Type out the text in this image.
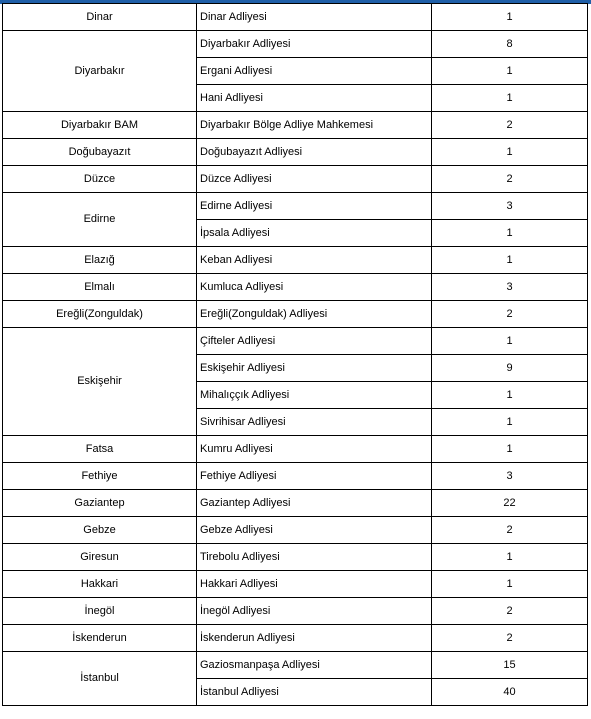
Dinar	Dinar Adliyesi	1
Diyarbakır	Diyarbakır Adliyesi	8
	Ergani Adliyesi	1
	Hani Adliyesi	1
Diyarbakır BAM	Diyarbakır Bölge Adliye Mahkemesi	2
Doğubayazıt	Doğubayazıt Adliyesi	1
Düzce	Düzce Adliyesi	2
Edirne	Edirne Adliyesi	3
	İpsala Adliyesi	1
Elazığ	Keban Adliyesi	1
Elmalı	Kumluca Adliyesi	3
Ereğli(Zonguldak)	Ereğli(Zonguldak) Adliyesi	2
Eskişehir	Çifteler Adliyesi	1
	Eskişehir Adliyesi	9
	Mihalıççık Adliyesi	1
	Sivrihisar Adliyesi	1
Fatsa	Kumru Adliyesi	1
Fethiye	Fethiye Adliyesi	3
Gaziantep	Gaziantep Adliyesi	22
Gebze	Gebze Adliyesi	2
Giresun	Tirebolu Adliyesi	1
Hakkari	Hakkari Adliyesi	1
İnegöl	İnegöl Adliyesi	2
İskenderun	İskenderun Adliyesi	2
İstanbul	Gaziosmanpaşa Adliyesi	15
	İstanbul Adliyesi	40
